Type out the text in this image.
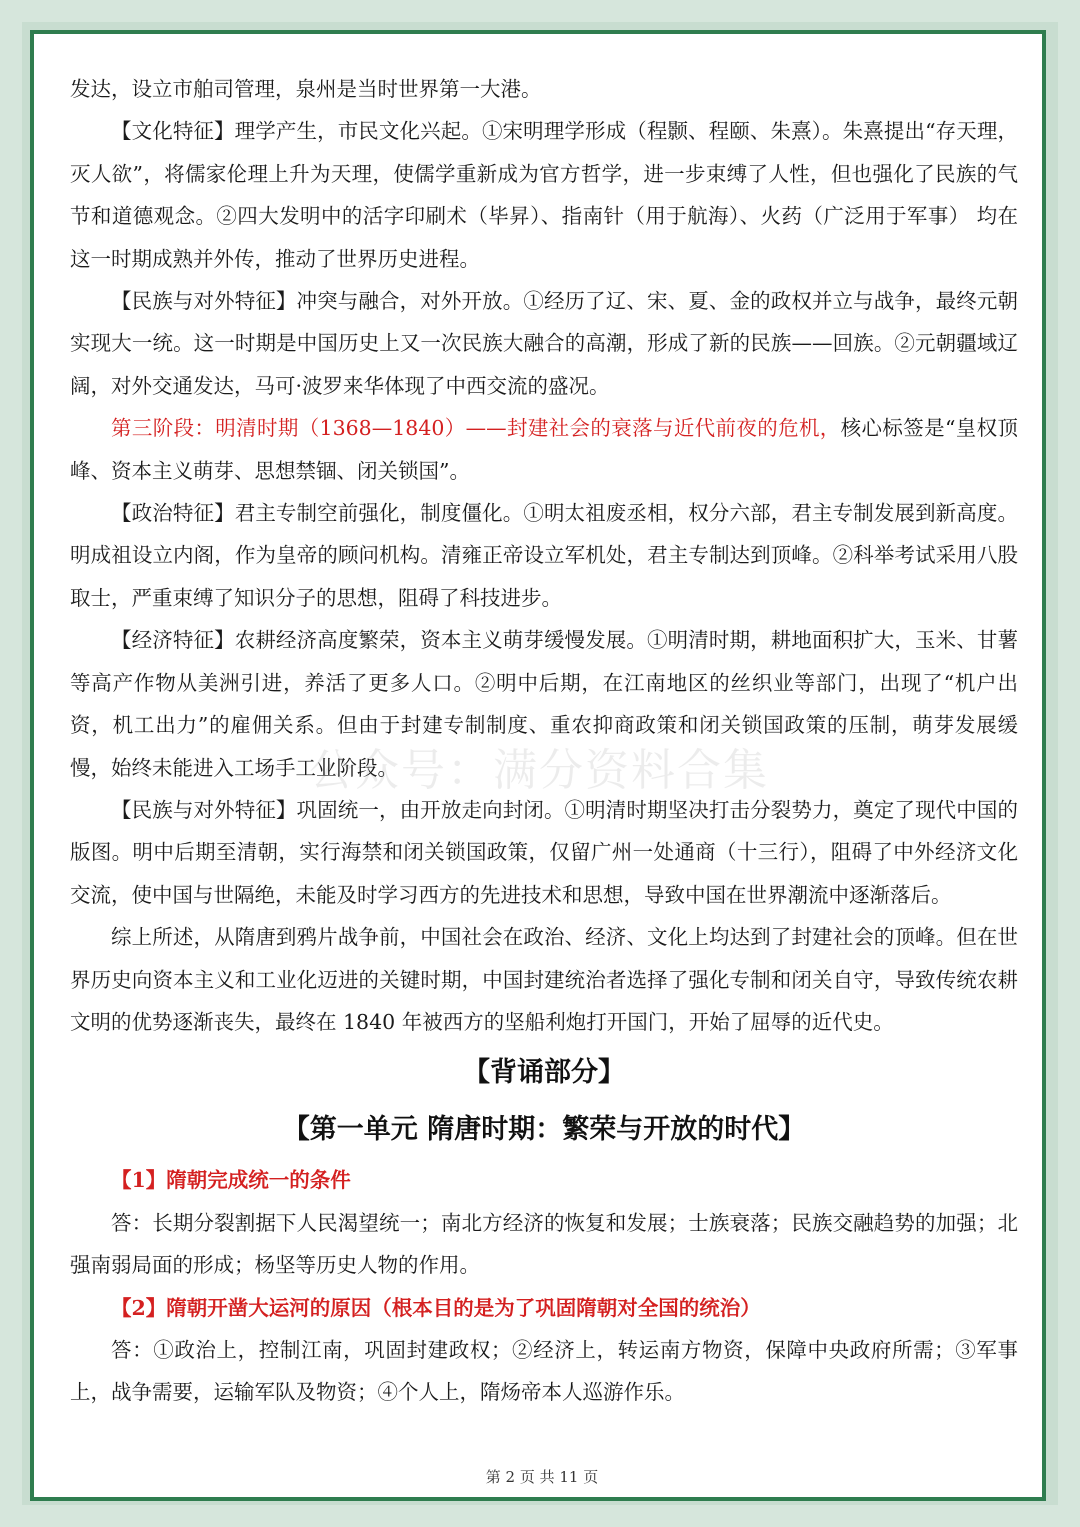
公众号：满分资料合集

发达，设立市舶司管理，泉州是当时世界第一大港。

【文化特征】理学产生，市民文化兴起。①宋明理学形成（程颢、程颐、朱熹）。朱熹提出“存天理，灭人欲”，将儒家伦理上升为天理，使儒学重新成为官方哲学，进一步束缚了人性，但也强化了民族的气节和道德观念。②四大发明中的活字印刷术（毕昇）、指南针（用于航海）、火药（广泛用于军事） 均在这一时期成熟并外传，推动了世界历史进程。

【民族与对外特征】冲突与融合，对外开放。①经历了辽、宋、夏、金的政权并立与战争，最终元朝实现大一统。这一时期是中国历史上又一次民族大融合的高潮，形成了新的民族——回族。②元朝疆域辽阔，对外交通发达，马可·波罗来华体现了中西交流的盛况。

第三阶段：明清时期（1368—1840）——封建社会的衰落与近代前夜的危机，核心标签是“皇权顶峰、资本主义萌芽、思想禁锢、闭关锁国”。

【政治特征】君主专制空前强化，制度僵化。①明太祖废丞相，权分六部，君主专制发展到新高度。明成祖设立内阁，作为皇帝的顾问机构。清雍正帝设立军机处，君主专制达到顶峰。②科举考试采用八股取士，严重束缚了知识分子的思想，阻碍了科技进步。

【经济特征】农耕经济高度繁荣，资本主义萌芽缓慢发展。①明清时期，耕地面积扩大，玉米、甘薯等高产作物从美洲引进，养活了更多人口。②明中后期，在江南地区的丝织业等部门，出现了“机户出资，机工出力”的雇佣关系。但由于封建专制制度、重农抑商政策和闭关锁国政策的压制，萌芽发展缓慢，始终未能进入工场手工业阶段。

【民族与对外特征】巩固统一，由开放走向封闭。①明清时期坚决打击分裂势力，奠定了现代中国的版图。明中后期至清朝，实行海禁和闭关锁国政策，仅留广州一处通商（十三行），阻碍了中外经济文化交流，使中国与世隔绝，未能及时学习西方的先进技术和思想，导致中国在世界潮流中逐渐落后。

综上所述，从隋唐到鸦片战争前，中国社会在政治、经济、文化上均达到了封建社会的顶峰。但在世界历史向资本主义和工业化迈进的关键时期，中国封建统治者选择了强化专制和闭关自守，导致传统农耕文明的优势逐渐丧失，最终在 1840 年被西方的坚船利炮打开国门，开始了屈辱的近代史。

【背诵部分】
【第一单元 隋唐时期：繁荣与开放的时代】

【1】隋朝完成统一的条件

答：长期分裂割据下人民渴望统一；南北方经济的恢复和发展；士族衰落；民族交融趋势的加强；北强南弱局面的形成；杨坚等历史人物的作用。

【2】隋朝开凿大运河的原因（根本目的是为了巩固隋朝对全国的统治）

答：①政治上，控制江南，巩固封建政权；②经济上，转运南方物资，保障中央政府所需；③军事上，战争需要，运输军队及物资；④个人上，隋炀帝本人巡游作乐。

第 2 页 共 11 页
